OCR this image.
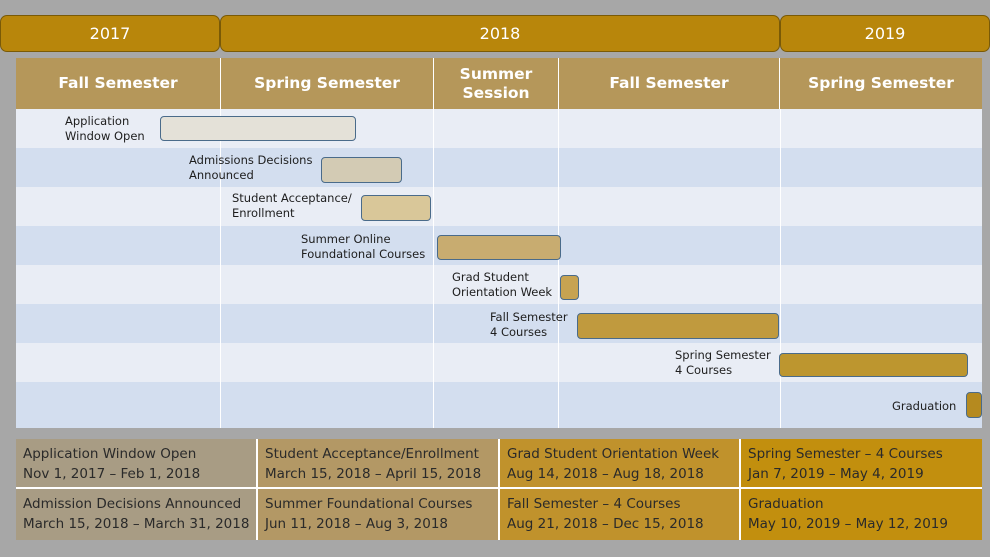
2017	2018	2019
Fall Semester	Spring Semester
Summer
Session
Fall Semester	Spring Semester
Application
Window Open
Admissions Decisions
Announced
Student Acceptance/
Enrollment
Summer Online
Foundational Courses
Grad Student
Orientation Week
Fall Semester
4 Courses
Spring Semester
4 Courses
Graduation
Application Window Open
Nov 1, 2017 – Feb 1, 2018
Student Acceptance/Enrollment
March 15, 2018 – April 15, 2018
Grad Student Orientation Week
Aug 14, 2018 – Aug 18, 2018
Spring Semester – 4 Courses
Jan 7, 2019 – May 4, 2019
Admission Decisions Announced
March 15, 2018 – March 31, 2018
Summer Foundational Courses
Jun 11, 2018 – Aug 3, 2018
Fall Semester – 4 Courses
Aug 21, 2018 – Dec 15, 2018
Graduation
May 10, 2019 – May 12, 2019
